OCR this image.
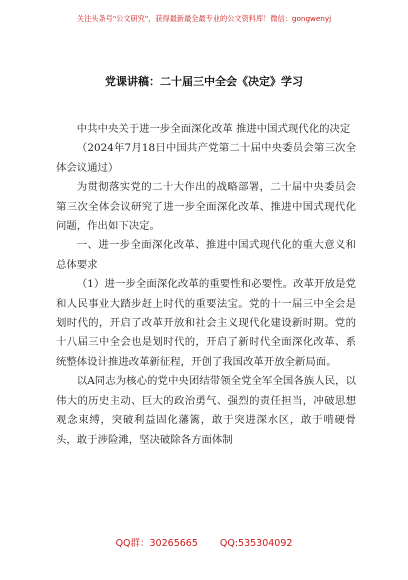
关注头条号"公文研究"，获得最新最全最专业的公文资料库！微信：gongwenyj
党课讲稿：二十届三中全会《决定》学习

中共中央关于进一步全面深化改革 推进中国式现代化的决定

（2024年7月18日中国共产党第二十届中央委员会第三次全体会议通过）

为贯彻落实党的二十大作出的战略部署，二十届中央委员会第三次全体会议研究了进一步全面深化改革、推进中国式现代化问题，作出如下决定。

一、进一步全面深化改革、推进中国式现代化的重大意义和总体要求

（1）进一步全面深化改革的重要性和必要性。改革开放是党和人民事业大踏步赶上时代的重要法宝。党的十一届三中全会是划时代的，开启了改革开放和社会主义现代化建设新时期。党的十八届三中全会也是划时代的，开启了新时代全面深化改革、系统整体设计推进改革新征程，开创了我国改革开放全新局面。

以A同志为核心的党中央团结带领全党全军全国各族人民，以伟大的历史主动、巨大的政治勇气、强烈的责任担当，冲破思想观念束缚，突破利益固化藩篱，敢于突进深水区，敢于啃硬骨头，敢于涉险滩，坚决破除各方面体制

QQ群：30265665 QQ:535304092
